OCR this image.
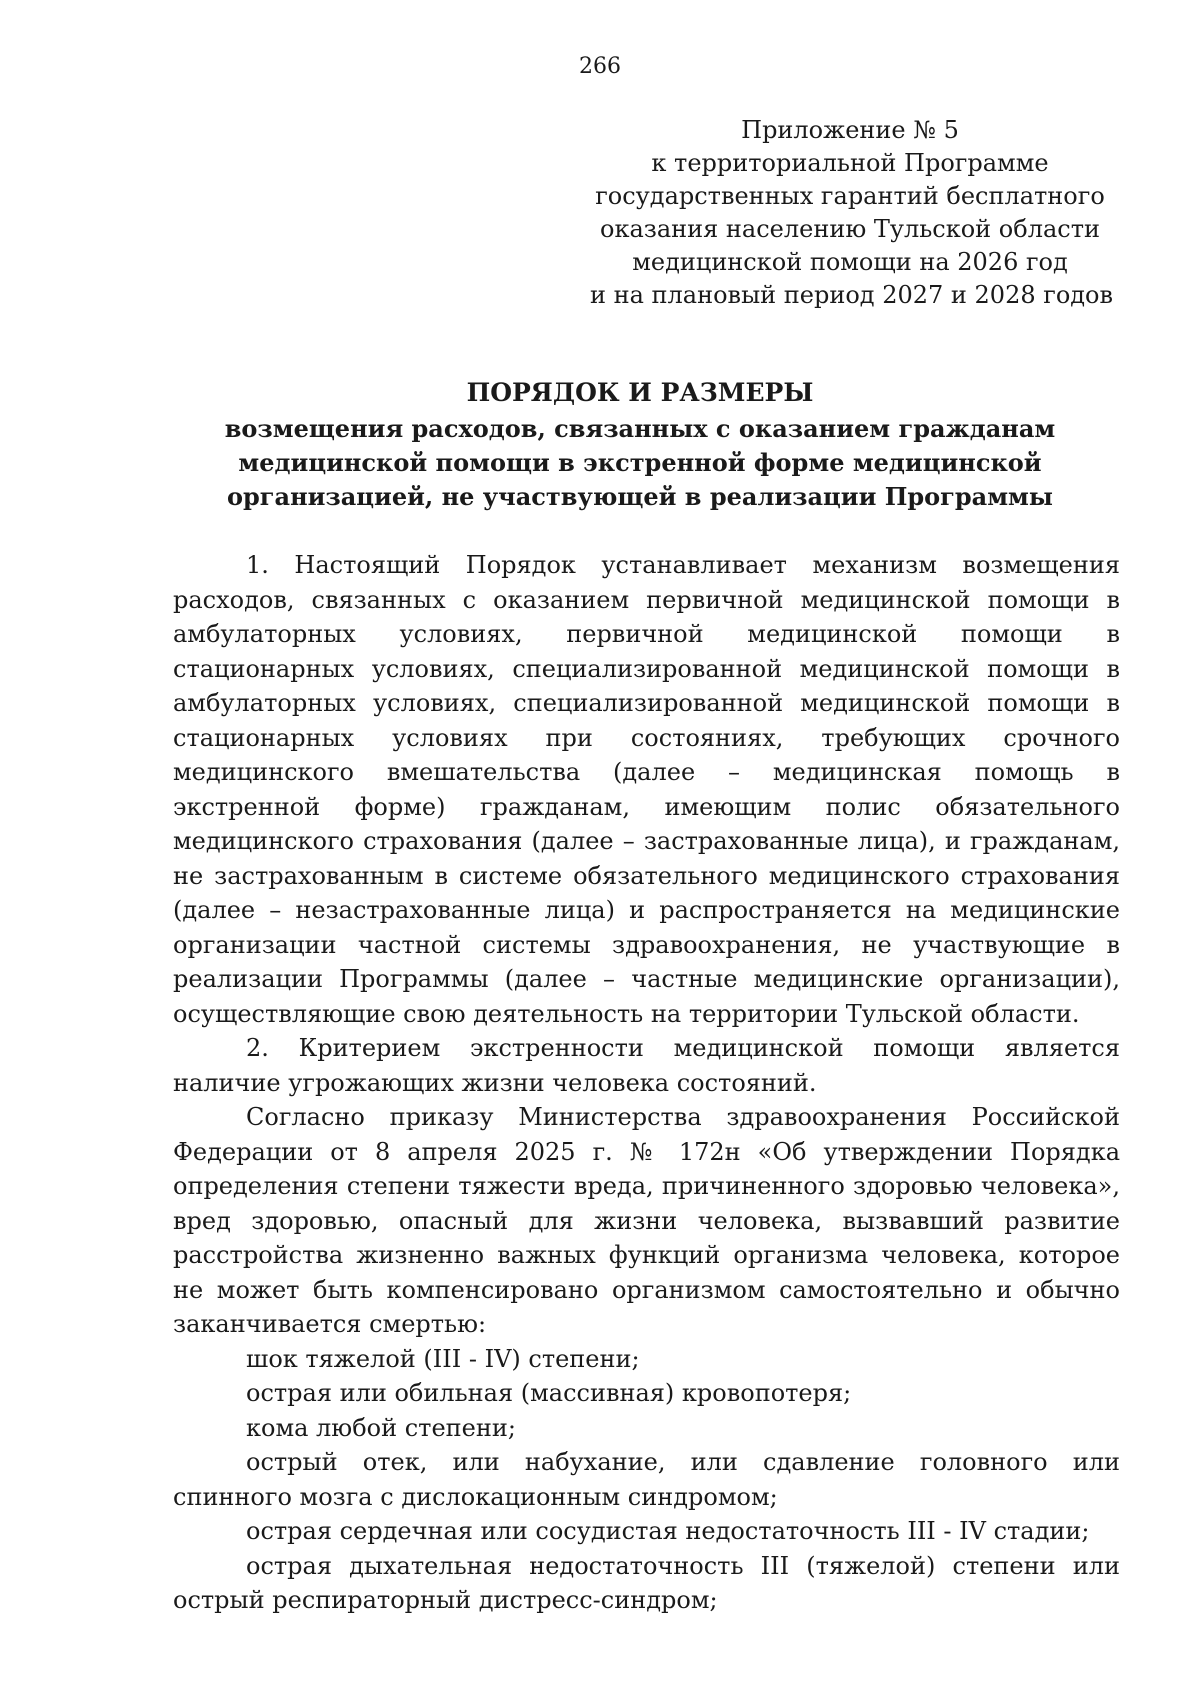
266
Приложение № 5
к территориальной Программе
государственных гарантий бесплатного
оказания населению Тульской области
медицинской помощи на 2026 год
и на плановый период 2027 и 2028 годов
ПОРЯДОК И РАЗМЕРЫ
возмещения расходов, связанных с оказанием гражданам
медицинской помощи в экстренной форме медицинской
организацией, не участвующей в реализации Программы

1. Настоящий Порядок устанавливает механизм возмещения расходов, связанных с оказанием первичной медицинской помощи в амбулаторных условиях, первичной медицинской помощи в стационарных условиях, специализированной медицинской помощи в амбулаторных условиях, специализированной медицинской помощи в стационарных условиях при состояниях, требующих срочного медицинского вмешательства (далее – медицинская помощь в экстренной форме) гражданам, имеющим полис обязательного медицинского страхования (далее – застрахованные лица), и гражданам, не застрахованным в системе обязательного медицинского страхования (далее – незастрахованные лица) и распространяется на медицинские организации частной системы здравоохранения, не участвующие в реализации Программы (далее – частные медицинские организации), осуществляющие свою деятельность на территории Тульской области.

2. Критерием экстренности медицинской помощи является наличие угрожающих жизни человека состояний.

Согласно приказу Министерства здравоохранения Российской Федерации от 8 апреля 2025 г. № 172н «Об утверждении Порядка определения степени тяжести вреда, причиненного здоровью человека», вред здоровью, опасный для жизни человека, вызвавший развитие расстройства жизненно важных функций организма человека, которое не может быть компенсировано организмом самостоятельно и обычно заканчивается смертью:

шок тяжелой (III - IV) степени;

острая или обильная (массивная) кровопотеря;

кома любой степени;

острый отек, или набухание, или сдавление головного или спинного мозга с дислокационным синдромом;

острая сердечная или сосудистая недостаточность III - IV стадии;

острая дыхательная недостаточность III (тяжелой) степени или острый респираторный дистресс-синдром;
